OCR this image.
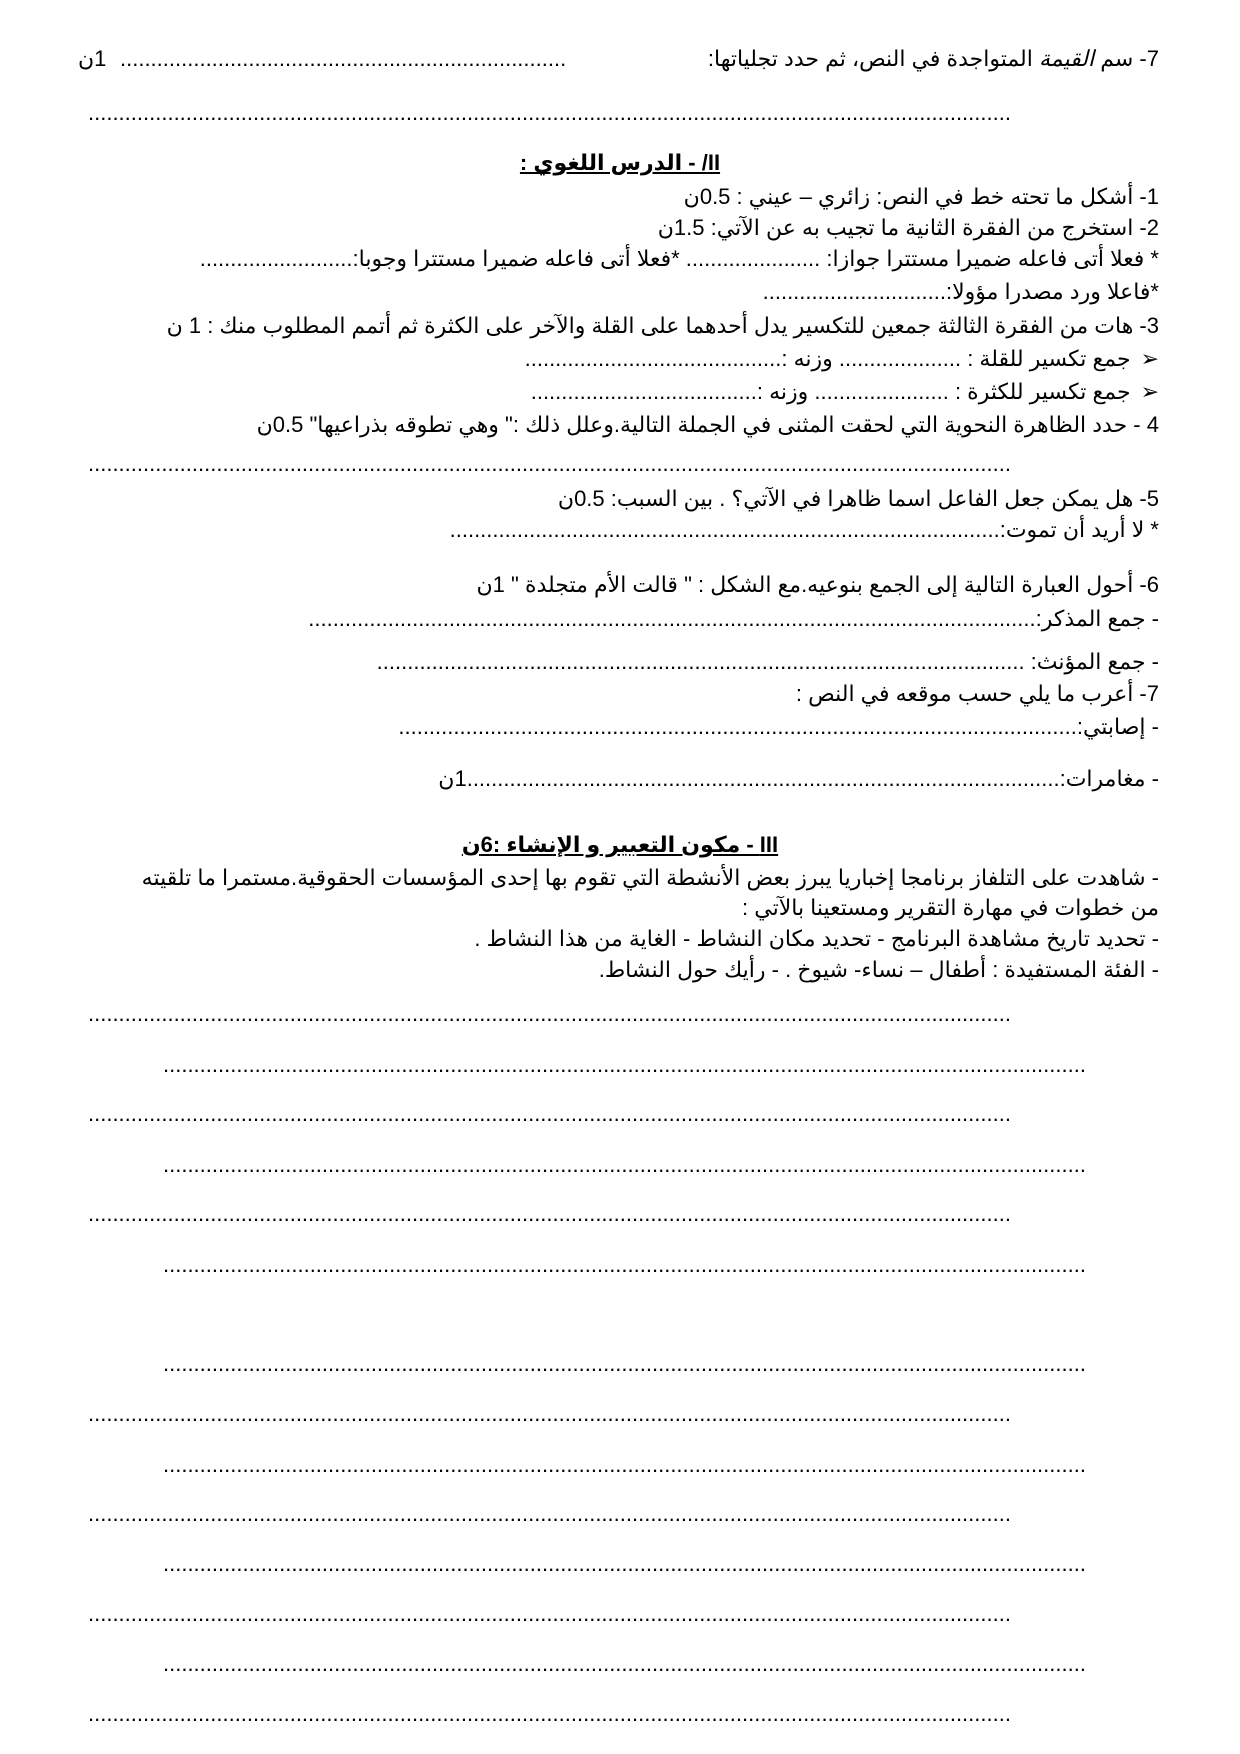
7- سم القيمة المتواجدة في النص، ثم حدد تجلياتها:
.........................................................................
1ن
.......................................................................................................................................................
II/ - الدرس اللغوي :
1- أشكل ما تحته خط في النص: زائري – عيني : 0.5ن
2- استخرج من الفقرة الثانية ما تجيب به عن الآتي: 1.5ن
* فعلا أتى فاعله ضميرا مستترا جوازا: ...................... *فعلا أتى فاعله ضميرا مستترا وجوبا:.........................
*فاعلا ورد مصدرا مؤولا:..............................
3- هات من الفقرة الثالثة جمعين للتكسير يدل أحدهما على القلة والآخر على الكثرة ثم أتمم المطلوب منك : 1 ن
➢جمع تكسير للقلة : .................... وزنه :..........................................
➢جمع تكسير للكثرة : ...................... وزنه :.....................................
4 - حدد الظاهرة النحوية التي لحقت المثنى في الجملة التالية.وعلل ذلك :" وهي تطوقه بذراعيها" 0.5ن
.......................................................................................................................................................
5- هل يمكن جعل الفاعل اسما ظاهرا في الآتي؟ . بين السبب: 0.5ن
* لا أريد أن تموت:..........................................................................................
6- أحول العبارة التالية إلى الجمع بنوعيه.مع الشكل : " قالت الأم متجلدة " 1ن
- جمع المذكر:.......................................................................................................................
- جمع المؤنث: ..........................................................................................................
7- أعرب ما يلي حسب موقعه في النص :
- إصابتي:...............................................................................................................
- مغامرات:.................................................................................................1ن
III - مكون التعبير و الإنشاء :6ن
- شاهدت على التلفاز برنامجا إخباريا يبرز بعض الأنشطة التي تقوم بها إحدى المؤسسات الحقوقية.مستمرا ما تلقيته
من خطوات في مهارة التقرير ومستعينا بالآتي :
- تحديد تاريخ مشاهدة البرنامج - تحديد مكان النشاط - الغاية من هذا النشاط .
- الفئة المستفيدة : أطفال – نساء- شيوخ . - رأيك حول النشاط.
.......................................................................................................................................................
.......................................................................................................................................................
.......................................................................................................................................................
.......................................................................................................................................................
.......................................................................................................................................................
.......................................................................................................................................................
.......................................................................................................................................................
.......................................................................................................................................................
.......................................................................................................................................................
.......................................................................................................................................................
.......................................................................................................................................................
.......................................................................................................................................................
.......................................................................................................................................................
.......................................................................................................................................................
